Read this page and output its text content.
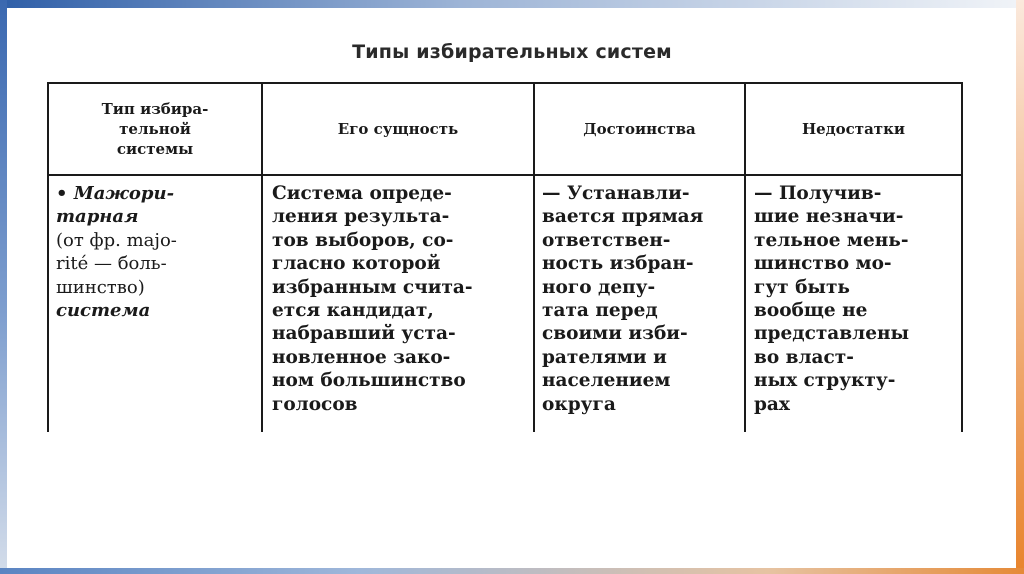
Типы избирательных систем
Тип избира-
тельной
системы
Его сущность	Достоинства	Недостатки
• Мажори-
тарная
(от фр. majo-
rité — боль-
шинство)
система
Система опреде-
ления результа-
тов выборов, со-
гласно которой
избранным счита-
ется кандидат,
набравший уста-
новленное зако-
ном большинство
голосов
— Устанавли-
вается прямая
ответствен-
ность избран-
ного депу-
тата перед
своими изби-
рателями и
населением
округа
— Получив-
шие незначи-
тельное мень-
шинство мо-
гут быть
вообще не
представлены
во власт-
ных структу-
рах
